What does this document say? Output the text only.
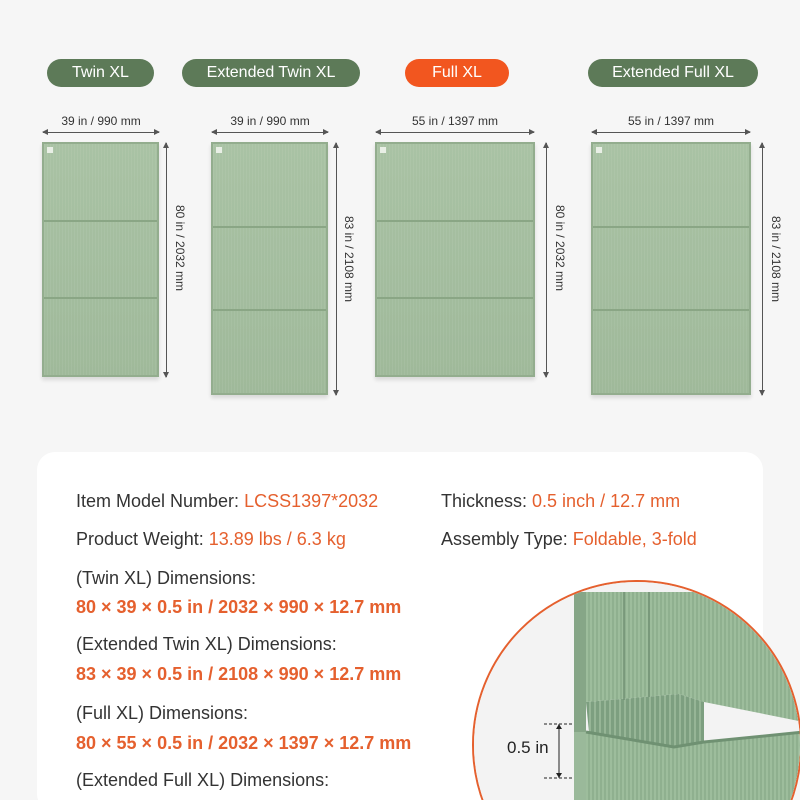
Twin XL	Extended Twin XL	Full XL	Extended Full XL
39 in / 990 mm
80 in / 2032 mm
39 in / 990 mm
83 in / 2108 mm
55 in / 1397 mm
80 in / 2032 mm
55 in / 1397 mm
83 in / 2108 mm
Item Model Number: LCSS1397*2032	Thickness: 0.5 inch / 12.7 mm
Product Weight: 13.89 lbs / 6.3 kg	Assembly Type: Foldable, 3-fold
0.5 in
(Twin XL) Dimensions:
80 × 39 × 0.5 in / 2032 × 990 × 12.7 mm
(Extended Twin XL) Dimensions:
83 × 39 × 0.5 in / 2108 × 990 × 12.7 mm
(Full XL) Dimensions:
80 × 55 × 0.5 in / 2032 × 1397 × 12.7 mm
(Extended Full XL) Dimensions:
